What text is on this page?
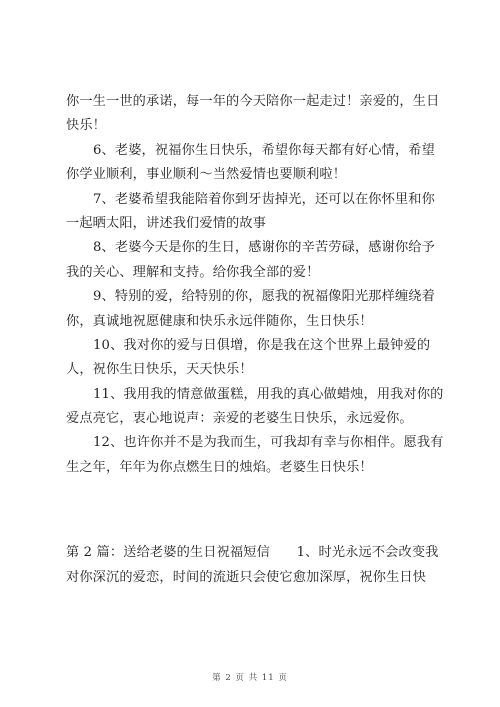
你一生一世的承诺，每一年的今天陪你一起走过！亲爱的，生日
快乐！
6、老婆，祝福你生日快乐，希望你每天都有好心情，希望
你学业顺利，事业顺利～当然爱情也要顺利啦！
7、老婆希望我能陪着你到牙齿掉光，还可以在你怀里和你
一起晒太阳，讲述我们爱情的故事
8、老婆今天是你的生日，感谢你的辛苦劳碌，感谢你给予
我的关心、理解和支持。给你我全部的爱！
9、特别的爱，给特别的你，愿我的祝福像阳光那样缠绕着
你，真诚地祝愿健康和快乐永远伴随你，生日快乐！
10、我对你的爱与日俱增，你是我在这个世界上最钟爱的
人，祝你生日快乐，天天快乐！
11、我用我的情意做蛋糕，用我的真心做蜡烛，用我对你的
爱点亮它，衷心地说声：亲爱的老婆生日快乐，永远爱你。
12、也许你并不是为我而生，可我却有幸与你相伴。愿我有
生之年，年年为你点燃生日的烛焰。老婆生日快乐！
第 2 篇：送给老婆的生日祝福短信　　1、时光永远不会改变我
对你深沉的爱恋，时间的流逝只会使它愈加深厚，祝你生日快
第 2 页 共 11 页
